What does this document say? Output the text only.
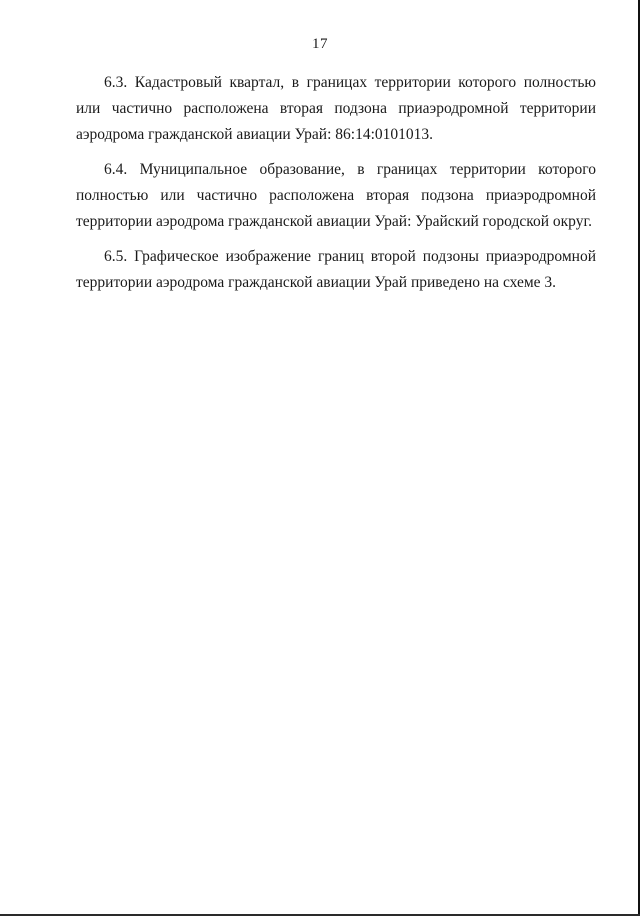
17

6.3. Кадастровый квартал, в границах территории которого полностью или частично расположена вторая подзона приаэродромной территории аэродрома гражданской авиации Урай: 86:14:0101013.

6.4. Муниципальное образование, в границах территории которого полностью или частично расположена вторая подзона приаэродромной территории аэродрома гражданской авиации Урай: Урайский городской округ.

6.5. Графическое изображение границ второй подзоны приаэродромной территории аэродрома гражданской авиации Урай приведено на схеме 3.
